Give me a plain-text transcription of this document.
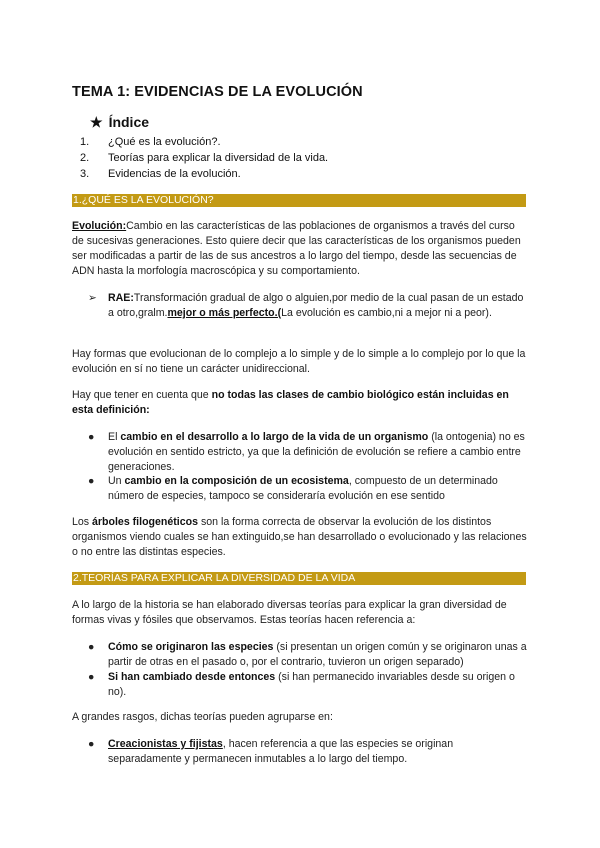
TEMA 1: EVIDENCIAS DE LA EVOLUCIÓN
★ Índice
1.	¿Qué es la evolución?.
2.	Teorías para explicar la diversidad de la vida.
3.	Evidencias de la evolución.
1.¿QUÉ ES LA EVOLUCIÓN?
Evolución:Cambio en las características de las poblaciones de organismos a través del curso de sucesivas generaciones. Esto quiere decir que las características de los organismos pueden ser modificadas a partir de las de sus ancestros a lo largo del tiempo, desde las secuencias de ADN hasta la morfología macroscópica y su comportamiento.
➢ RAE:Transformación gradual de algo o alguien,por medio de la cual pasan de un estado a otro,gralm.mejor o más perfecto.(La evolución es cambio,ni a mejor ni a peor).
Hay formas que evolucionan de lo complejo a lo simple y de lo simple a lo complejo por lo que la evolución en sí no tiene un carácter unidireccional.
Hay que tener en cuenta que no todas las clases de cambio biológico están incluidas en esta definición:
● El cambio en el desarrollo a lo largo de la vida de un organismo (la ontogenia) no es evolución en sentido estricto, ya que la definición de evolución se refiere a cambio entre generaciones.
● Un cambio en la composición de un ecosistema, compuesto de un determinado número de especies, tampoco se consideraría evolución en ese sentido
Los árboles filogenéticos son la forma correcta de observar la evolución de los distintos organismos viendo cuales se han extinguido,se han desarrollado o evolucionado y las relaciones o no entre las distintas especies.
2.TEORÍAS PARA EXPLICAR LA DIVERSIDAD DE LA VIDA
A lo largo de la historia se han elaborado diversas teorías para explicar la gran diversidad de formas vivas y fósiles que observamos. Estas teorías hacen referencia a:
● Cómo se originaron las especies (si presentan un origen común y se originaron unas a partir de otras en el pasado o, por el contrario, tuvieron un origen separado)
● Si han cambiado desde entonces (si han permanecido invariables desde su origen o no).
A grandes rasgos, dichas teorías pueden agruparse en:
● Creacionistas y fijistas, hacen referencia a que las especies se originan separadamente y permanecen inmutables a lo largo del tiempo.
